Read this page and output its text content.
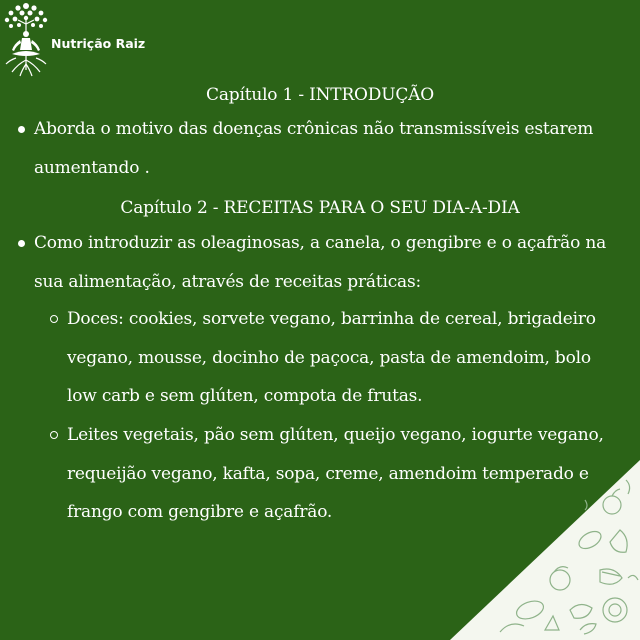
Nutrição Raiz
Capítulo 1 - INTRODUÇÃO
Aborda o motivo das doenças crônicas não transmissíveis estarem aumentando .
Capítulo 2 - RECEITAS PARA O SEU DIA-A-DIA
Como introduzir as oleaginosas, a canela, o gengibre e o açafrão na sua alimentação, através de receitas práticas:
Doces: cookies, sorvete vegano, barrinha de cereal, brigadeiro vegano, mousse, docinho de paçoca, pasta de amendoim, bolo low carb e sem glúten, compota de frutas.
Leites vegetais, pão sem glúten, queijo vegano, iogurte vegano, requeijão vegano, kafta, sopa, creme, amendoim temperado e frango com gengibre e açafrão.
